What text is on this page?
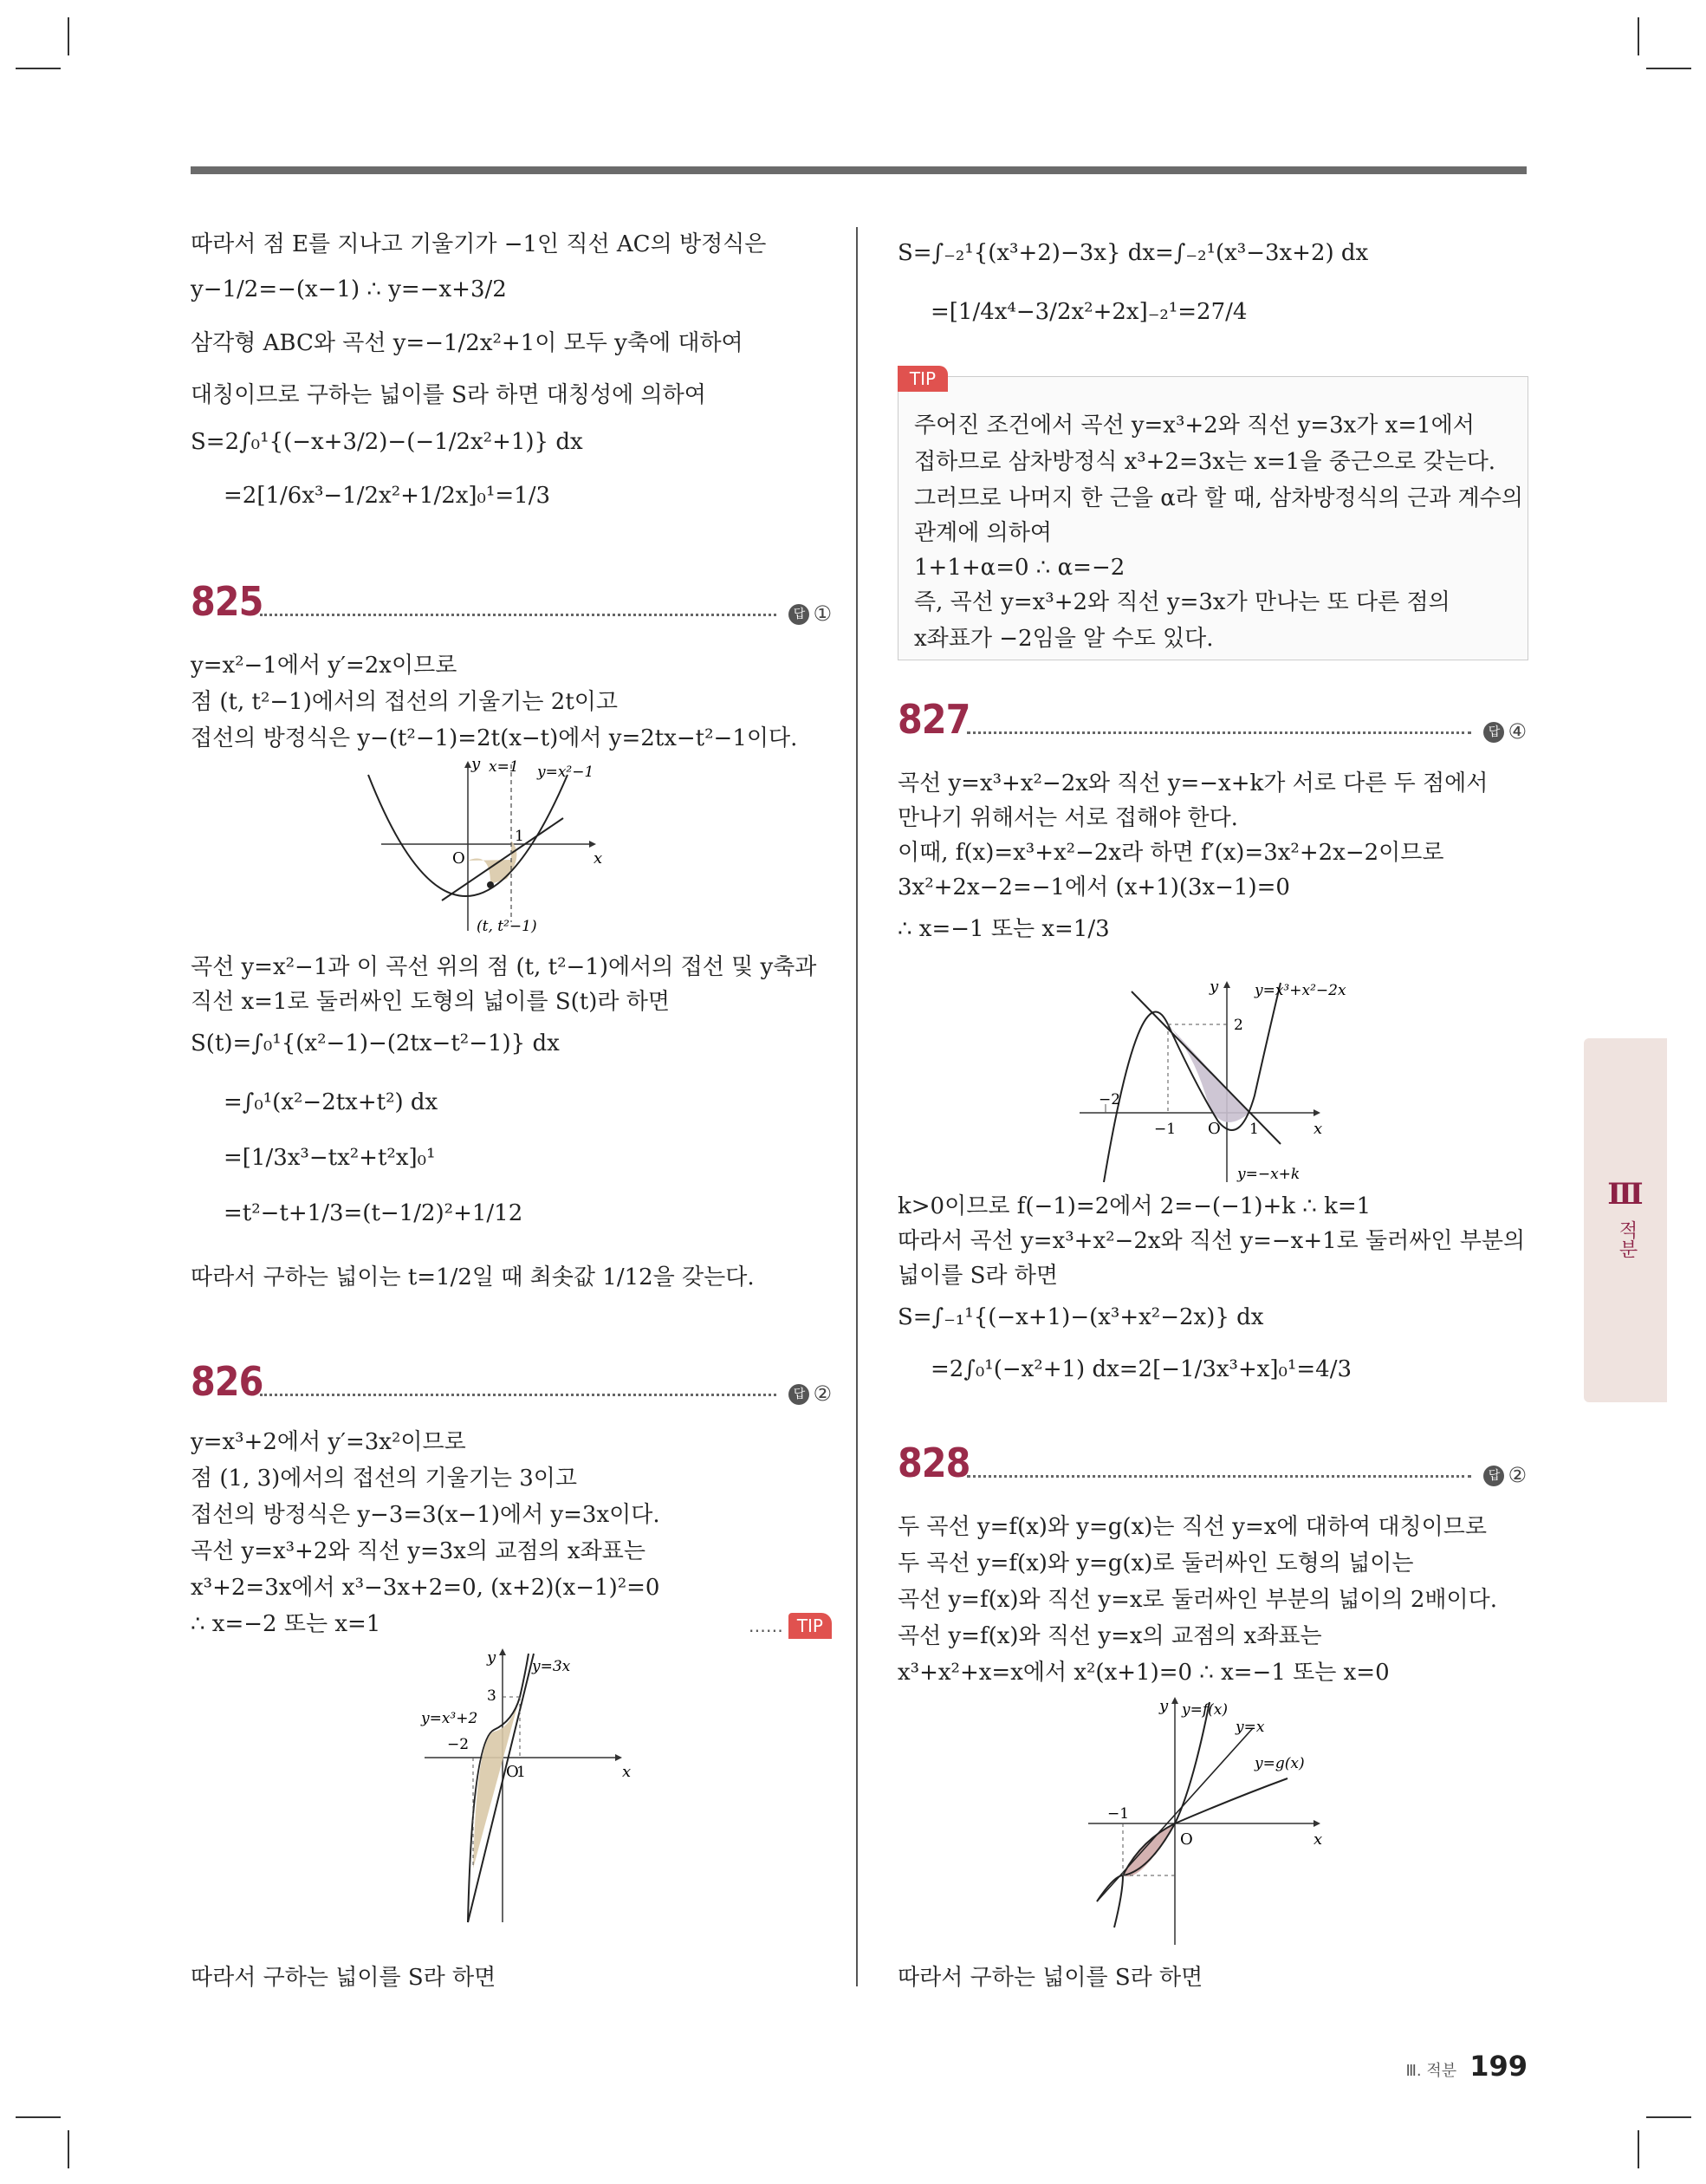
따라서 점 E를 지나고 기울기가 −1인 직선 AC의 방정식은
y−1/2=−(x−1) ∴ y=−x+3/2
삼각형 ABC와 곡선 y=−1/2x²+1이 모두 y축에 대하여
대칭이므로 구하는 넓이를 S라 하면 대칭성에 의하여
S=2∫₀¹{(−x+3/2)−(−1/2x²+1)} dx
=2[1/6x³−1/2x²+1/2x]₀¹=1/3
825	답 ①
y=x²−1에서 y′=2x이므로
점 (t, t²−1)에서의 접선의 기울기는 2t이고
접선의 방정식은 y−(t²−1)=2t(x−t)에서 y=2tx−t²−1이다.
y
x
O
1
x=1 y=x²−1
(t, t²−1)
곡선 y=x²−1과 이 곡선 위의 점 (t, t²−1)에서의 접선 및 y축과
직선 x=1로 둘러싸인 도형의 넓이를 S(t)라 하면
S(t)=∫₀¹{(x²−1)−(2tx−t²−1)} dx
=∫₀¹(x²−2tx+t²) dx
=[1/3x³−tx²+t²x]₀¹
=t²−t+1/3=(t−1/2)²+1/12
따라서 구하는 넓이는 t=1/2일 때 최솟값 1/12을 갖는다.
826	답 ②
y=x³+2에서 y′=3x²이므로
점 (1, 3)에서의 접선의 기울기는 3이고
접선의 방정식은 y−3=3(x−1)에서 y=3x이다.
곡선 y=x³+2와 직선 y=3x의 교점의 x좌표는
x³+2=3x에서 x³−3x+2=0, (x+2)(x−1)²=0
∴ x=−2 또는 x=1	…… TIP
y
x
O
3
−2
1
y=3x
y=x³+2
따라서 구하는 넓이를 S라 하면
S=∫₋₂¹{(x³+2)−3x} dx=∫₋₂¹(x³−3x+2) dx
=[1/4x⁴−3/2x²+2x]₋₂¹=27/4
주어진 조건에서 곡선 y=x³+2와 직선 y=3x가 x=1에서
접하므로 삼차방정식 x³+2=3x는 x=1을 중근으로 갖는다.
그러므로 나머지 한 근을 α라 할 때, 삼차방정식의 근과 계수의
관계에 의하여
1+1+α=0 ∴ α=−2
즉, 곡선 y=x³+2와 직선 y=3x가 만나는 또 다른 점의
x좌표가 −2임을 알 수도 있다.
TIP
827	답 ④
곡선 y=x³+x²−2x와 직선 y=−x+k가 서로 다른 두 점에서
만나기 위해서는 서로 접해야 한다.
이때, f(x)=x³+x²−2x라 하면 f′(x)=3x²+2x−2이므로
3x²+2x−2=−1에서 (x+1)(3x−1)=0
∴ x=−1 또는 x=1/3
y
x
O
2
−2
−1	1
y=x³+x²−2x
y=−x+k
k>0이므로 f(−1)=2에서 2=−(−1)+k ∴ k=1
따라서 곡선 y=x³+x²−2x와 직선 y=−x+1로 둘러싸인 부분의
넓이를 S라 하면
S=∫₋₁¹{(−x+1)−(x³+x²−2x)} dx
=2∫₀¹(−x²+1) dx=2[−1/3x³+x]₀¹=4/3
828	답 ②
두 곡선 y=f(x)와 y=g(x)는 직선 y=x에 대하여 대칭이므로
두 곡선 y=f(x)와 y=g(x)로 둘러싸인 도형의 넓이는
곡선 y=f(x)와 직선 y=x로 둘러싸인 부분의 넓이의 2배이다.
곡선 y=f(x)와 직선 y=x의 교점의 x좌표는
x³+x²+x=x에서 x²(x+1)=0 ∴ x=−1 또는 x=0
y
x
O
−1
y=f(x)
y=x
y=g(x)
따라서 구하는 넓이를 S라 하면
Ⅲ
적분
Ⅲ. 적분 199
